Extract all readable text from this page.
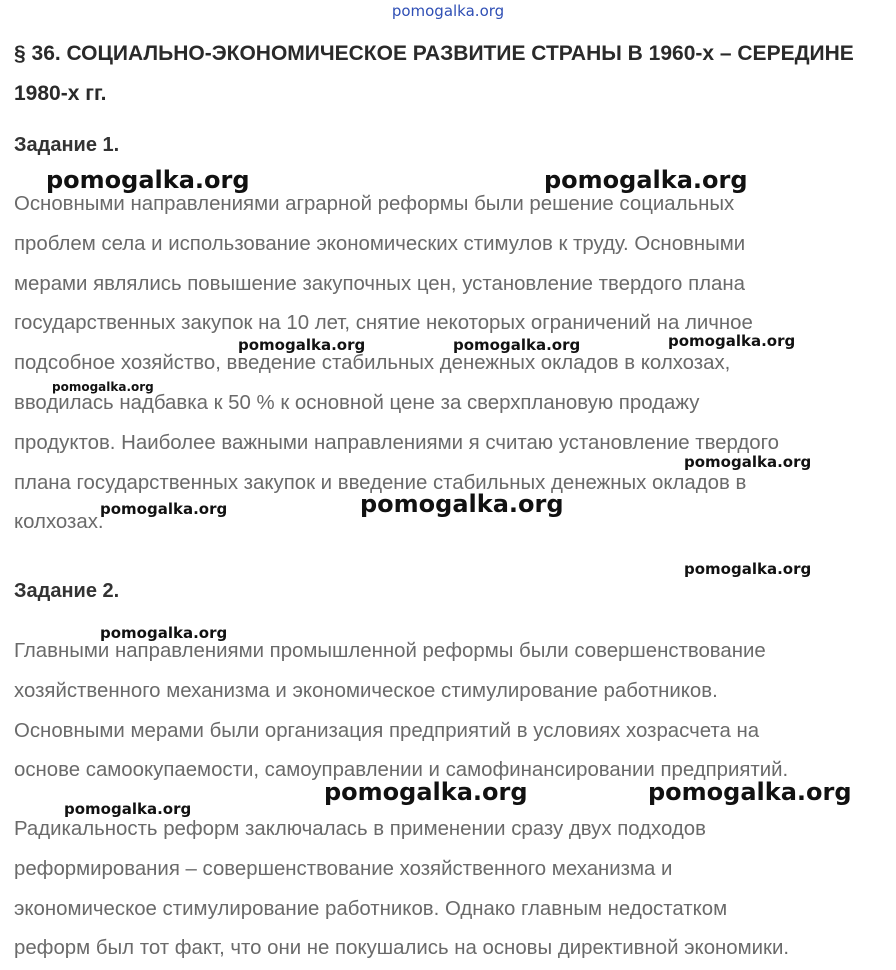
pomogalka.org
§ 36. СОЦИАЛЬНО-ЭКОНОМИЧЕСКОЕ РАЗВИТИЕ СТРАНЫ В 1960-х – СЕРЕДИНЕ 1980-х гг.
Задание 1.

Основными направлениями аграрной реформы были решение социальных
проблем села и использование экономических стимулов к труду. Основными
мерами являлись повышение закупочных цен, установление твердого плана
государственных закупок на 10 лет, снятие некоторых ограничений на личное
подсобное хозяйство, введение стабильных денежных окладов в колхозах,
вводилась надбавка к 50 % к основной цене за сверхплановую продажу
продуктов. Наиболее важными направлениями я считаю установление твердого
плана государственных закупок и введение стабильных денежных окладов в
колхозах.

Задание 2.

Главными направлениями промышленной реформы были совершенствование
хозяйственного механизма и экономическое стимулирование работников.
Основными мерами были организация предприятий в условиях хозрасчета на
основе самоокупаемости, самоуправлении и самофинансировании предприятий.

Радикальность реформ заключалась в применении сразу двух подходов
реформирования – совершенствование хозяйственного механизма и
экономическое стимулирование работников. Однако главным недостатком
реформ был тот факт, что они не покушались на основы директивной экономики.

pomogalka.org	pomogalka.org
pomogalka.org	pomogalka.org	pomogalka.org
pomogalka.org
pomogalka.org
pomogalka.org	pomogalka.org
pomogalka.org
pomogalka.org
pomogalka.org
pomogalka.org	pomogalka.org
